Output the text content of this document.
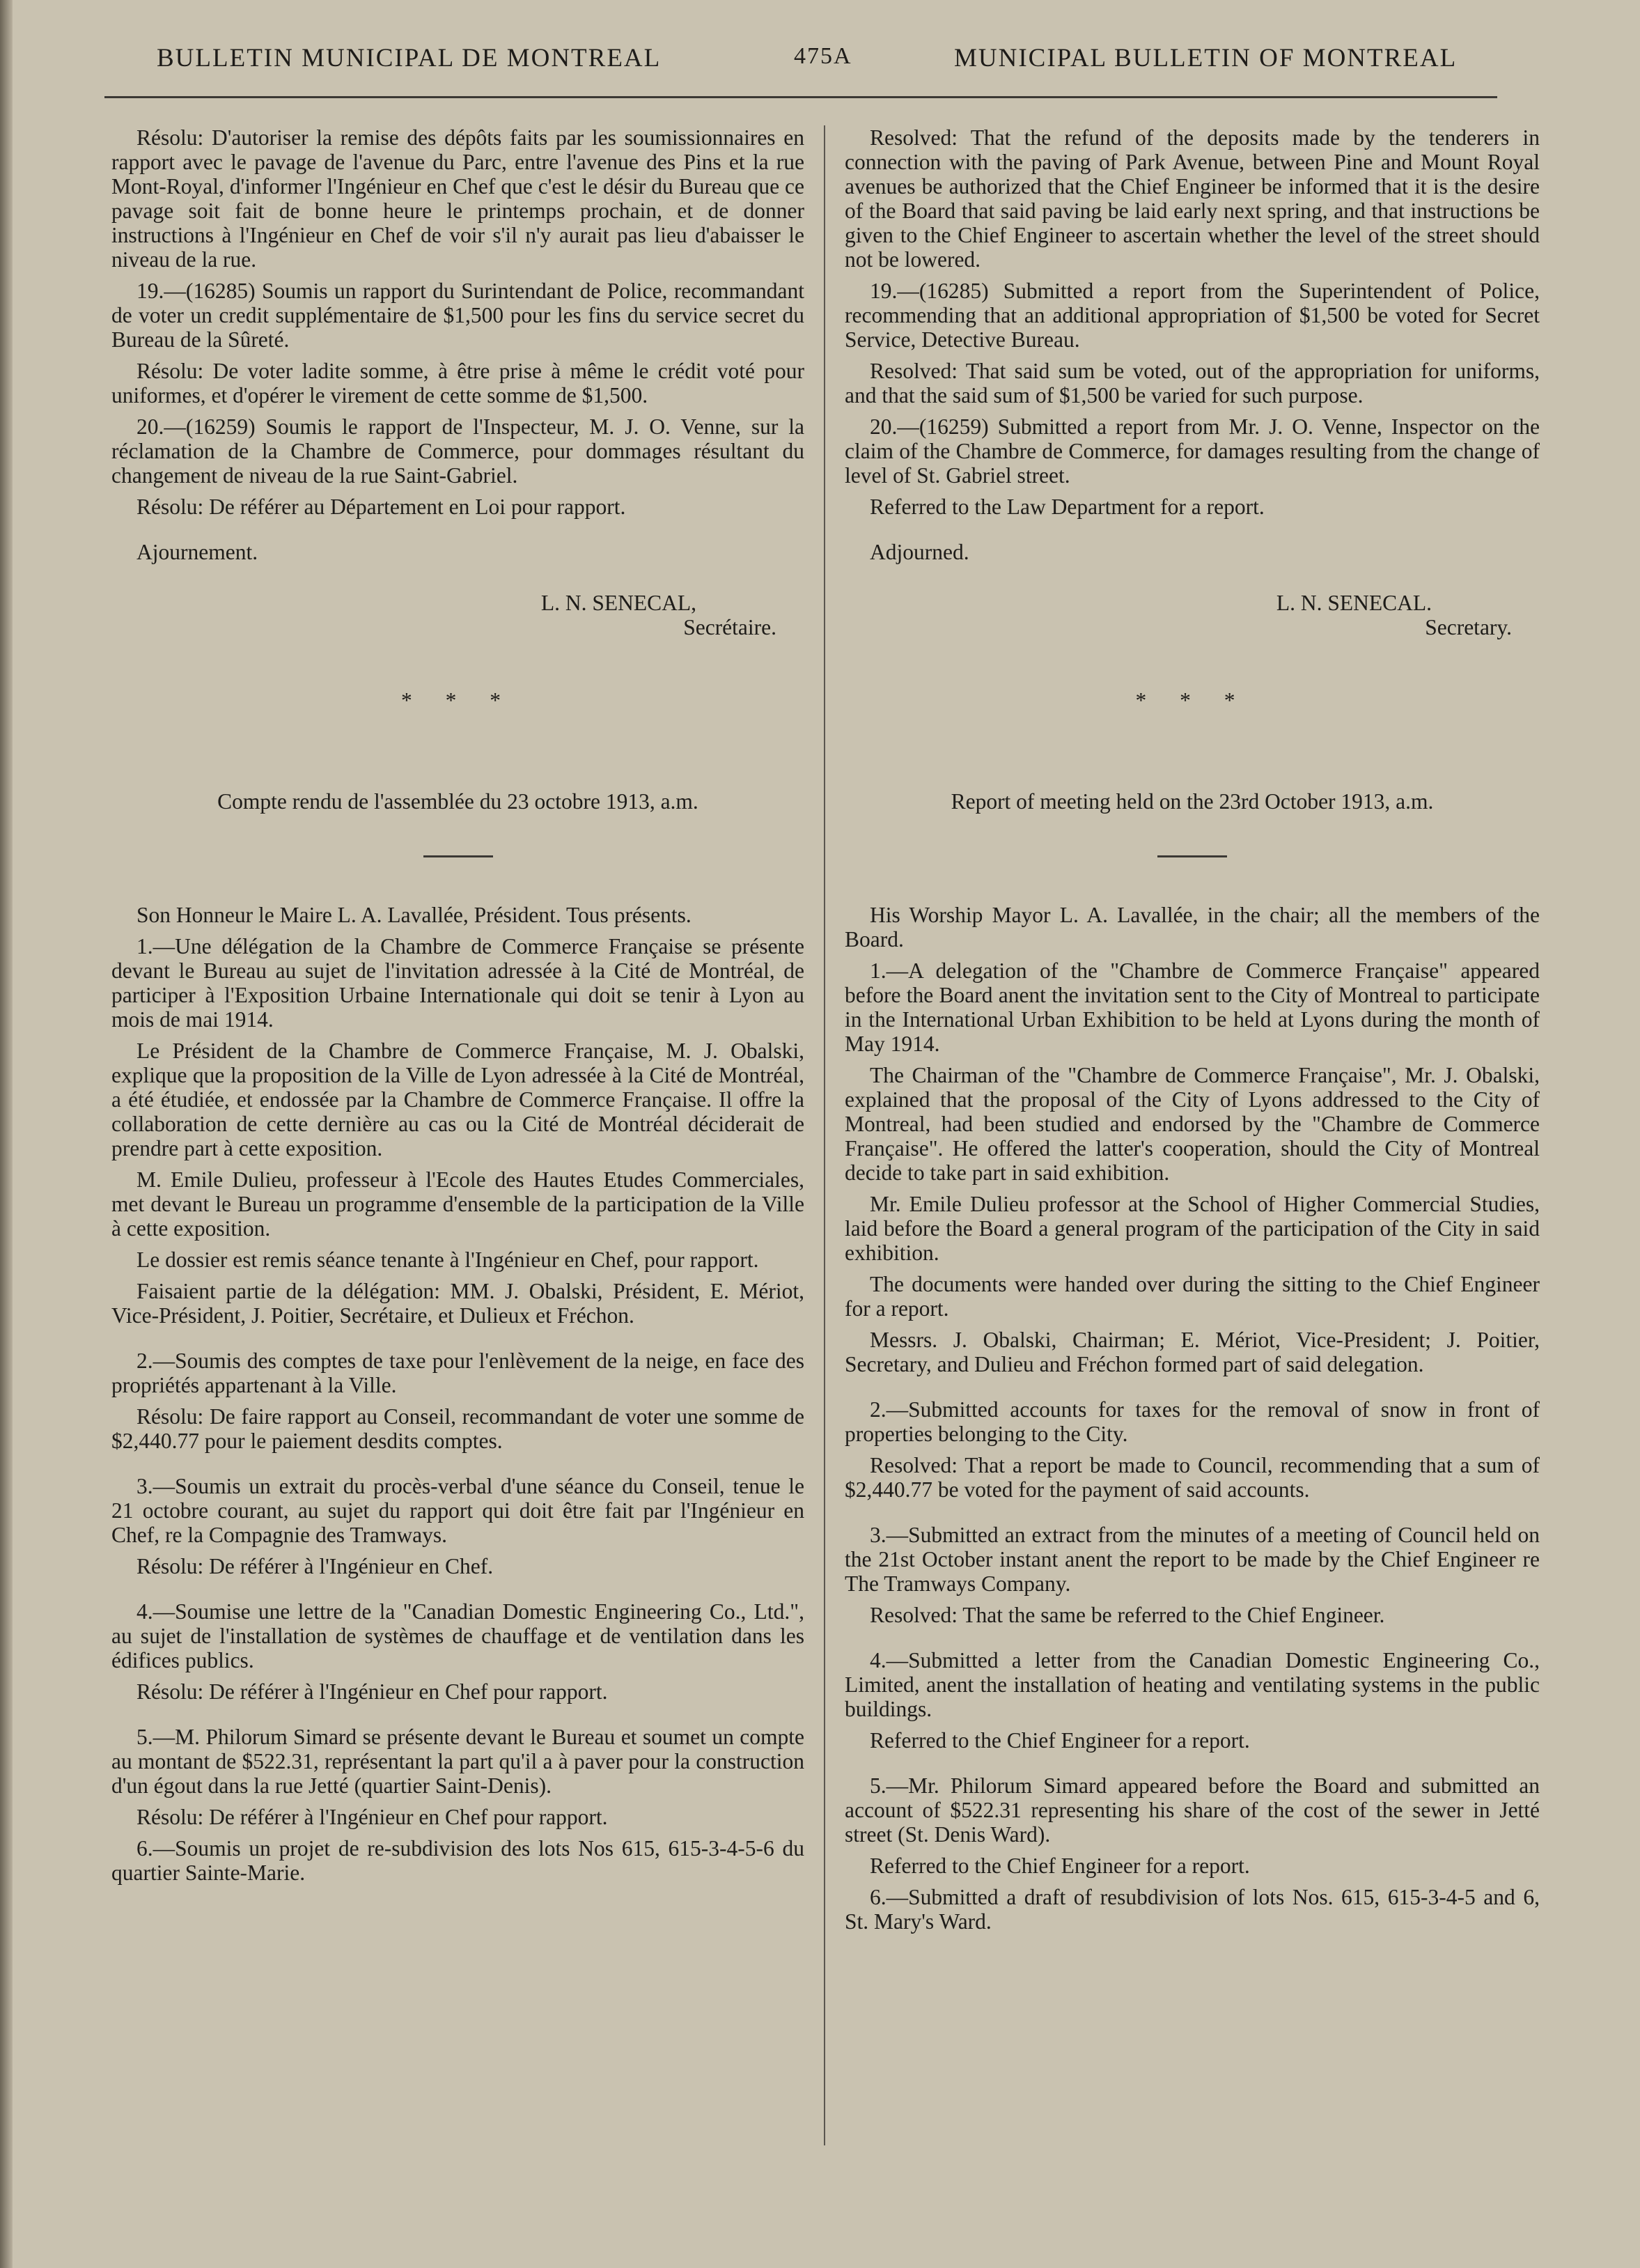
BULLETIN MUNICIPAL DE MONTREAL	475A	MUNICIPAL BULLETIN OF MONTREAL

Résolu: D'autoriser la remise des dépôts faits par les soumissionnaires en rapport avec le pavage de l'avenue du Parc, entre l'avenue des Pins et la rue Mont-Royal, d'informer l'Ingénieur en Chef que c'est le désir du Bureau que ce pavage soit fait de bonne heure le printemps prochain, et de donner instructions à l'Ingénieur en Chef de voir s'il n'y aurait pas lieu d'abaisser le niveau de la rue.

19.—(16285) Soumis un rapport du Surintendant de Police, recommandant de voter un credit supplémentaire de $1,500 pour les fins du service secret du Bureau de la Sûreté.

Résolu: De voter ladite somme, à être prise à même le crédit voté pour uniformes, et d'opérer le virement de cette somme de $1,500.

20.—(16259) Soumis le rapport de l'Inspecteur, M. J. O. Venne, sur la réclamation de la Chambre de Commerce, pour dommages résultant du changement de niveau de la rue Saint-Gabriel.

Résolu: De référer au Département en Loi pour rapport.

Ajournement.

L. N. SENECAL,

Secrétaire.

* * *

Compte rendu de l'assemblée du 23 octobre 1913, a.m.

Son Honneur le Maire L. A. Lavallée, Président. Tous présents.

1.—Une délégation de la Chambre de Commerce Française se présente devant le Bureau au sujet de l'invitation adressée à la Cité de Montréal, de participer à l'Exposition Urbaine Internationale qui doit se tenir à Lyon au mois de mai 1914.

Le Président de la Chambre de Commerce Française, M. J. Obalski, explique que la proposition de la Ville de Lyon adressée à la Cité de Montréal, a été étudiée, et endossée par la Chambre de Commerce Française. Il offre la collaboration de cette dernière au cas ou la Cité de Montréal déciderait de prendre part à cette exposition.

M. Emile Dulieu, professeur à l'Ecole des Hautes Etudes Commerciales, met devant le Bureau un programme d'ensemble de la participation de la Ville à cette exposition.

Le dossier est remis séance tenante à l'Ingénieur en Chef, pour rapport.

Faisaient partie de la délégation: MM. J. Obalski, Président, E. Mériot, Vice-Président, J. Poitier, Secrétaire, et Dulieux et Fréchon.

2.—Soumis des comptes de taxe pour l'enlèvement de la neige, en face des propriétés appartenant à la Ville.

Résolu: De faire rapport au Conseil, recommandant de voter une somme de $2,440.77 pour le paiement desdits comptes.

3.—Soumis un extrait du procès-verbal d'une séance du Conseil, tenue le 21 octobre courant, au sujet du rapport qui doit être fait par l'Ingénieur en Chef, re la Compagnie des Tramways.

Résolu: De référer à l'Ingénieur en Chef.

4.—Soumise une lettre de la "Canadian Domestic Engineering Co., Ltd.", au sujet de l'installation de systèmes de chauffage et de ventilation dans les édifices publics.

Résolu: De référer à l'Ingénieur en Chef pour rapport.

5.—M. Philorum Simard se présente devant le Bureau et soumet un compte au montant de $522.31, représentant la part qu'il a à paver pour la construction d'un égout dans la rue Jetté (quartier Saint-Denis).

Résolu: De référer à l'Ingénieur en Chef pour rapport.

6.—Soumis un projet de re-subdivision des lots Nos 615, 615-3-4-5-6 du quartier Sainte-Marie.

Resolved: That the refund of the deposits made by the tenderers in connection with the paving of Park Avenue, between Pine and Mount Royal avenues be authorized that the Chief Engineer be informed that it is the desire of the Board that said paving be laid early next spring, and that instructions be given to the Chief Engineer to ascertain whether the level of the street should not be lowered.

19.—(16285) Submitted a report from the Superintendent of Police, recommending that an additional appropriation of $1,500 be voted for Secret Service, Detective Bureau.

Resolved: That said sum be voted, out of the appropriation for uniforms, and that the said sum of $1,500 be varied for such purpose.

20.—(16259) Submitted a report from Mr. J. O. Venne, Inspector on the claim of the Chambre de Commerce, for damages resulting from the change of level of St. Gabriel street.

Referred to the Law Department for a report.

Adjourned.

L. N. SENECAL.

Secretary.

* * *

Report of meeting held on the 23rd October 1913, a.m.

His Worship Mayor L. A. Lavallée, in the chair; all the members of the Board.

1.—A delegation of the "Chambre de Commerce Française" appeared before the Board anent the invitation sent to the City of Montreal to participate in the International Urban Exhibition to be held at Lyons during the month of May 1914.

The Chairman of the "Chambre de Commerce Française", Mr. J. Obalski, explained that the proposal of the City of Lyons addressed to the City of Montreal, had been studied and endorsed by the "Chambre de Commerce Française". He offered the latter's cooperation, should the City of Montreal decide to take part in said exhibition.

Mr. Emile Dulieu professor at the School of Higher Commercial Studies, laid before the Board a general program of the participation of the City in said exhibition.

The documents were handed over during the sitting to the Chief Engineer for a report.

Messrs. J. Obalski, Chairman; E. Mériot, Vice-President; J. Poitier, Secretary, and Dulieu and Fréchon formed part of said delegation.

2.—Submitted accounts for taxes for the removal of snow in front of properties belonging to the City.

Resolved: That a report be made to Council, recommending that a sum of $2,440.77 be voted for the payment of said accounts.

3.—Submitted an extract from the minutes of a meeting of Council held on the 21st October instant anent the report to be made by the Chief Engineer re The Tramways Company.

Resolved: That the same be referred to the Chief Engineer.

4.—Submitted a letter from the Canadian Domestic Engineering Co., Limited, anent the installation of heating and ventilating systems in the public buildings.

Referred to the Chief Engineer for a report.

5.—Mr. Philorum Simard appeared before the Board and submitted an account of $522.31 representing his share of the cost of the sewer in Jetté street (St. Denis Ward).

Referred to the Chief Engineer for a report.

6.—Submitted a draft of resubdivision of lots Nos. 615, 615-3-4-5 and 6, St. Mary's Ward.
